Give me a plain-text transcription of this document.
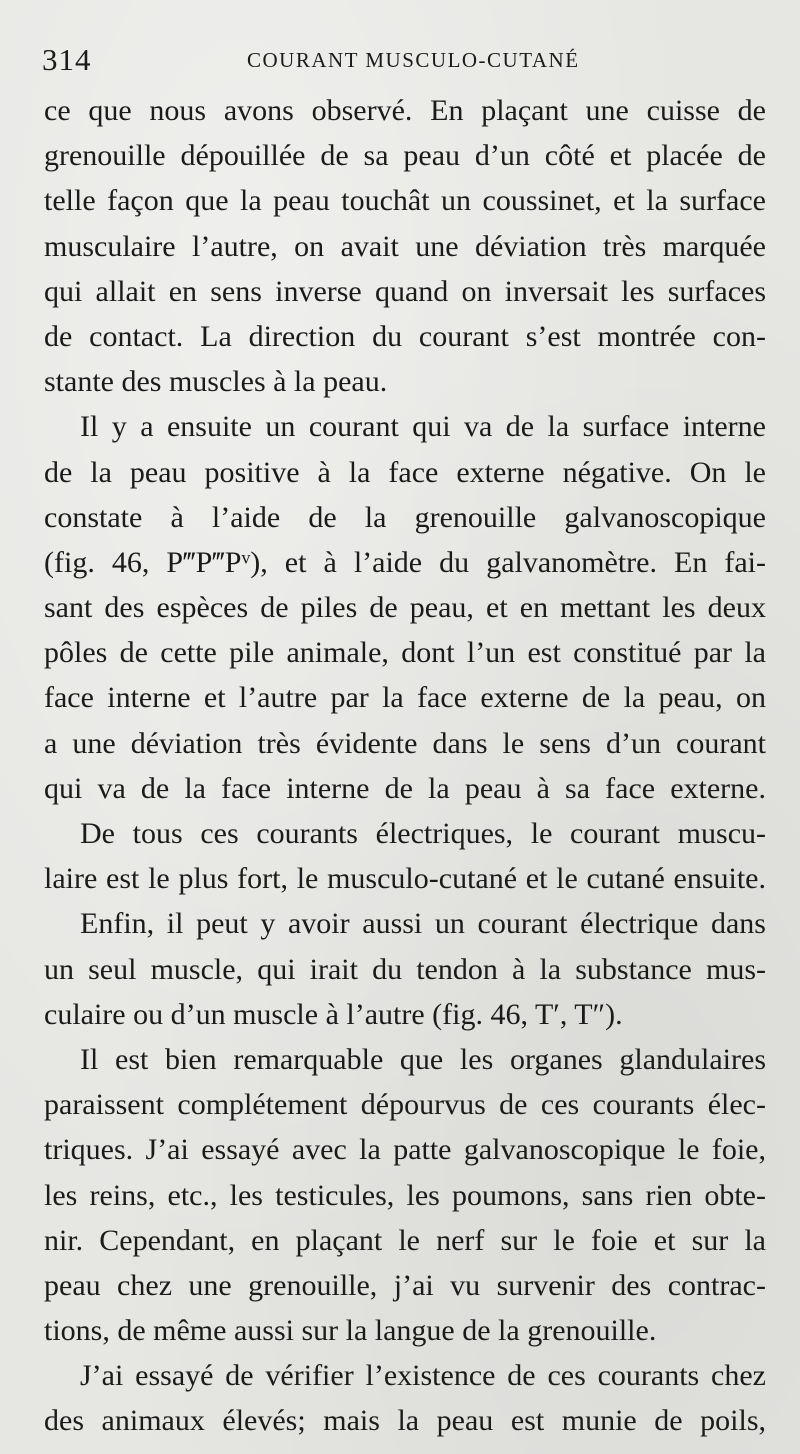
314	COURANT MUSCULO-CUTANÉ
ce que nous avons observé. En plaçant une cuisse de
grenouille dépouillée de sa peau d’un côté et placée de
telle façon que la peau touchât un coussinet, et la surface
musculaire l’autre, on avait une déviation très marquée
qui allait en sens inverse quand on inversait les surfaces
de contact. La direction du courant s’est montrée con-
stante des muscles à la peau.
Il y a ensuite un courant qui va de la surface interne
de la peau positive à la face externe négative. On le
constate à l’aide de la grenouille galvanoscopique
(fig. 46, P‴P‴Pᵛ), et à l’aide du galvanomètre. En fai-
sant des espèces de piles de peau, et en mettant les deux
pôles de cette pile animale, dont l’un est constitué par la
face interne et l’autre par la face externe de la peau, on
a une déviation très évidente dans le sens d’un courant
qui va de la face interne de la peau à sa face externe.
De tous ces courants électriques, le courant muscu-
laire est le plus fort, le musculo-cutané et le cutané ensuite.
Enfin, il peut y avoir aussi un courant électrique dans
un seul muscle, qui irait du tendon à la substance mus-
culaire ou d’un muscle à l’autre (fig. 46, T′, T″).
Il est bien remarquable que les organes glandulaires
paraissent complétement dépourvus de ces courants élec-
triques. J’ai essayé avec la patte galvanoscopique le foie,
les reins, etc., les testicules, les poumons, sans rien obte-
nir. Cependant, en plaçant le nerf sur le foie et sur la
peau chez une grenouille, j’ai vu survenir des contrac-
tions, de même aussi sur la langue de la grenouille.
J’ai essayé de vérifier l’existence de ces courants chez
des animaux élevés; mais la peau est munie de poils,
